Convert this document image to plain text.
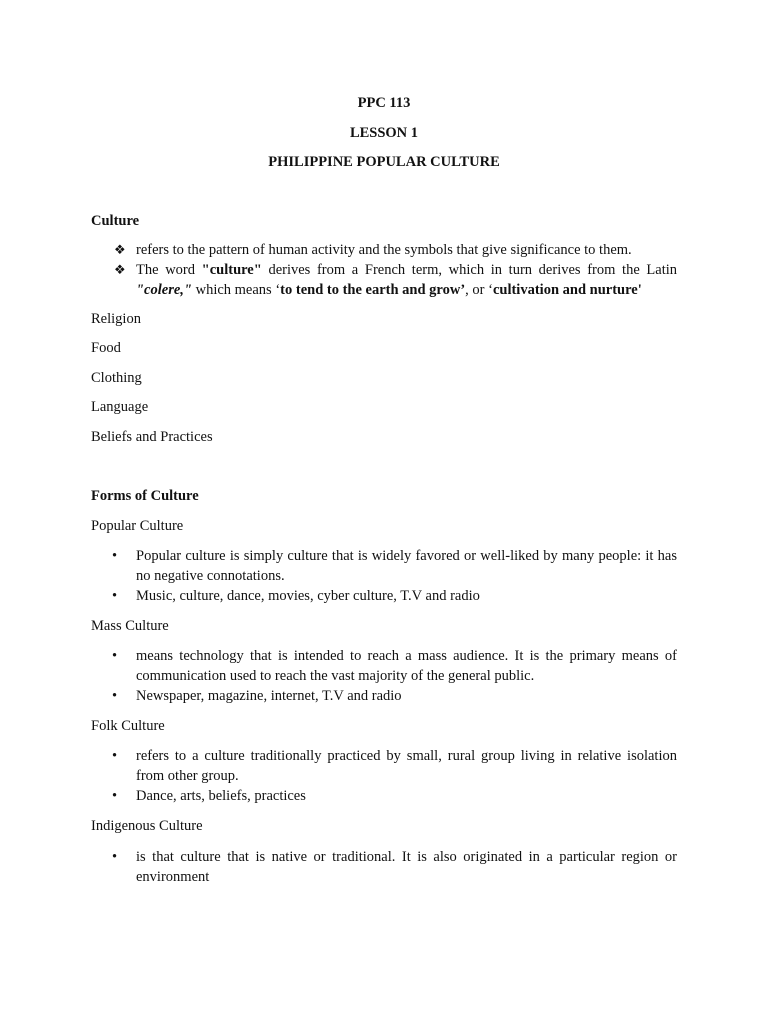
PPC 113
LESSON 1
PHILIPPINE POPULAR CULTURE
Culture
❖ refers to the pattern of human activity and the symbols that give significance to them.
❖ The word "culture" derives from a French term, which in turn derives from the Latin "colere," which means ‘to tend to the earth and grow’, or ‘cultivation and nurture'
Religion
Food
Clothing
Language
Beliefs and Practices
Forms of Culture
Popular Culture
• Popular culture is simply culture that is widely favored or well-liked by many people: it has no negative connotations.
• Music, culture, dance, movies, cyber culture, T.V and radio
Mass Culture
• means technology that is intended to reach a mass audience. It is the primary means of communication used to reach the vast majority of the general public.
• Newspaper, magazine, internet, T.V and radio
Folk Culture
• refers to a culture traditionally practiced by small, rural group living in relative isolation from other group.
• Dance, arts, beliefs, practices
Indigenous Culture
• is that culture that is native or traditional. It is also originated in a particular region or environment
